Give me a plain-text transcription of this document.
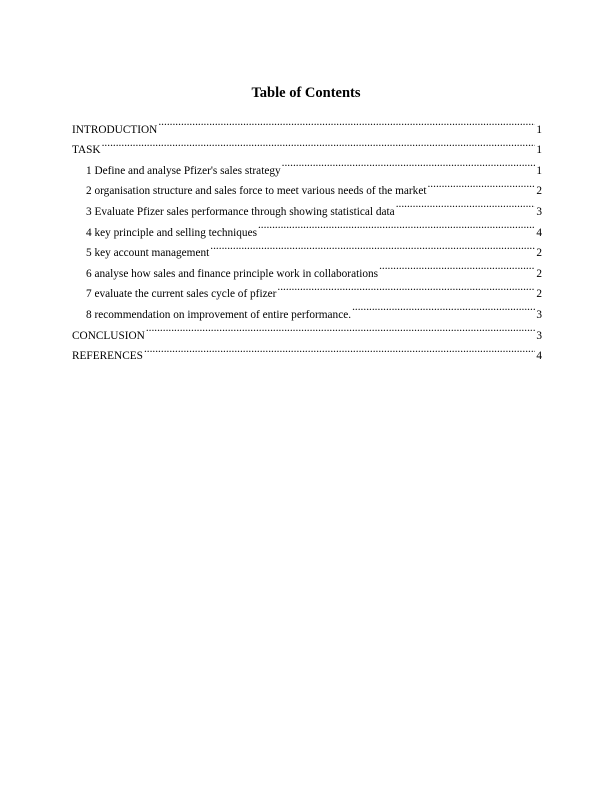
Table of Contents
INTRODUCTION .....	1
TASK .....	1
1 Define and analyse Pfizer's sales strategy .....	1
2 organisation structure and sales force to meet various needs of the market .....	2
3 Evaluate Pfizer sales performance through showing statistical data .....	3
4 key principle and selling techniques .....	4
5 key account management .....	2
6 analyse how sales and finance principle work in collaborations .....	2
7 evaluate the current sales cycle of pfizer .....	2
8 recommendation on improvement of entire performance. .....	3
CONCLUSION .....	3
REFERENCES .....	4
